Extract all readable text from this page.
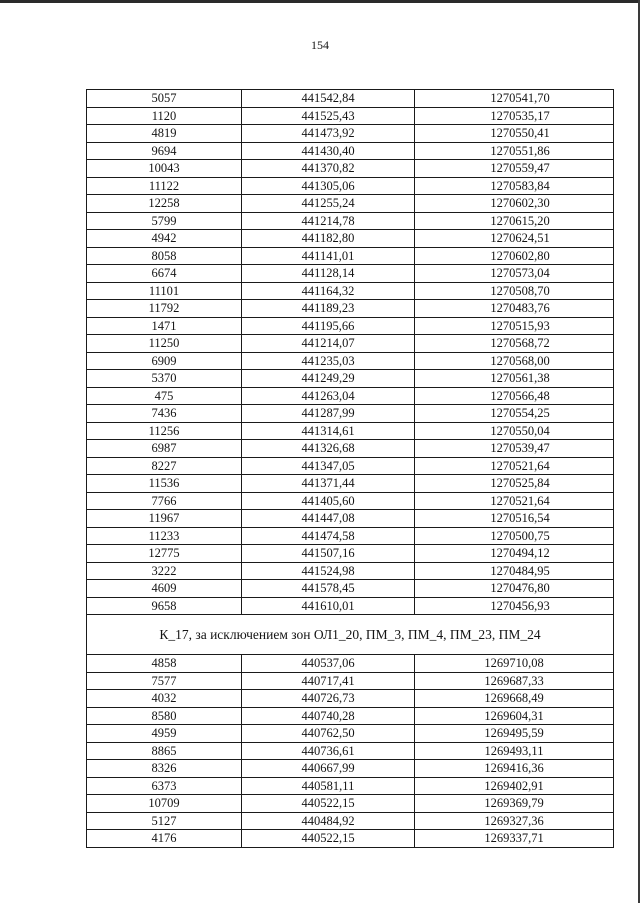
154
5057	441542,84	1270541,70
1120	441525,43	1270535,17
4819	441473,92	1270550,41
9694	441430,40	1270551,86
10043	441370,82	1270559,47
11122	441305,06	1270583,84
12258	441255,24	1270602,30
5799	441214,78	1270615,20
4942	441182,80	1270624,51
8058	441141,01	1270602,80
6674	441128,14	1270573,04
11101	441164,32	1270508,70
11792	441189,23	1270483,76
1471	441195,66	1270515,93
11250	441214,07	1270568,72
6909	441235,03	1270568,00
5370	441249,29	1270561,38
475	441263,04	1270566,48
7436	441287,99	1270554,25
11256	441314,61	1270550,04
6987	441326,68	1270539,47
8227	441347,05	1270521,64
11536	441371,44	1270525,84
7766	441405,60	1270521,64
11967	441447,08	1270516,54
11233	441474,58	1270500,75
12775	441507,16	1270494,12
3222	441524,98	1270484,95
4609	441578,45	1270476,80
9658	441610,01	1270456,93
К_17, за исключением зон ОЛ1_20, ПМ_3, ПМ_4, ПМ_23, ПМ_24		
4858	440537,06	1269710,08
7577	440717,41	1269687,33
4032	440726,73	1269668,49
8580	440740,28	1269604,31
4959	440762,50	1269495,59
8865	440736,61	1269493,11
8326	440667,99	1269416,36
6373	440581,11	1269402,91
10709	440522,15	1269369,79
5127	440484,92	1269327,36
4176	440522,15	1269337,71
